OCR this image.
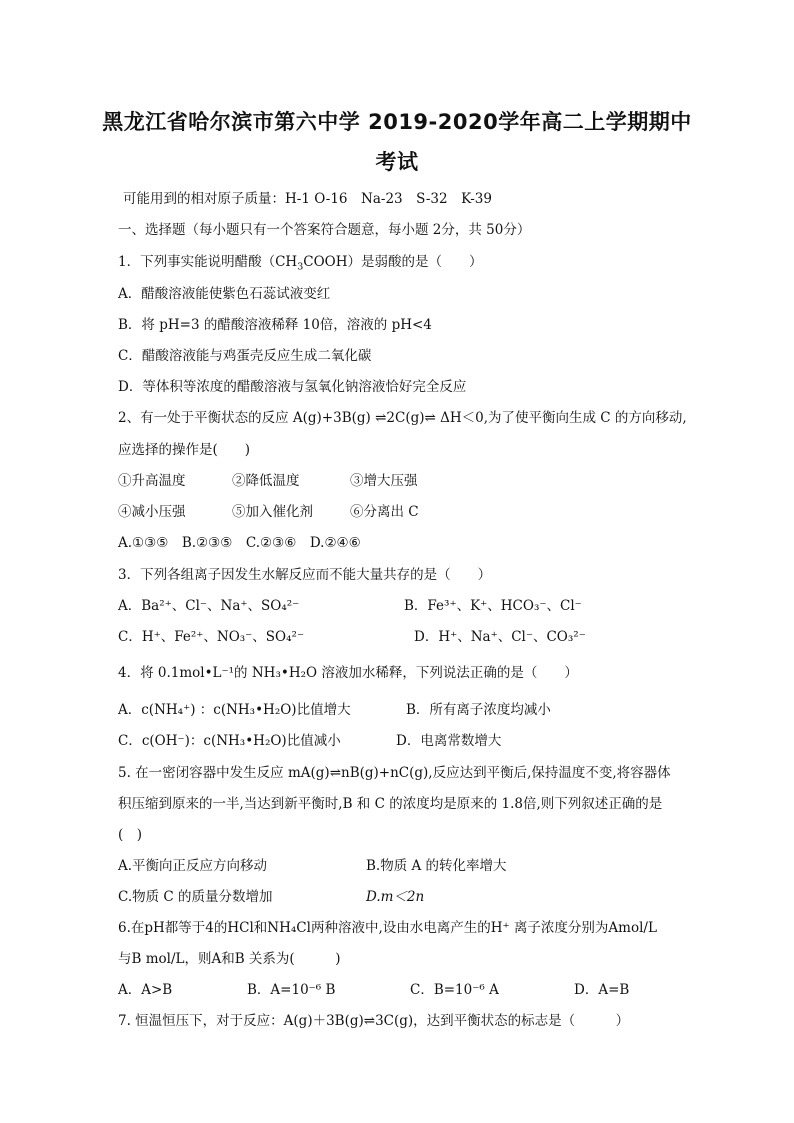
黑龙江省哈尔滨市第六中学 2019-2020学年高二上学期期中
考试
可能用到的相对原子质量：H-1 O-16　Na-23　S-32　K-39
一、选择题（每小题只有一个答案符合题意，每小题 2分，共 50分）
1．下列事实能说明醋酸$(CH_3COOH)$是弱酸的是（　　）
A．醋酸溶液能使紫色石蕊试液变红
B．将 pH=3 的醋酸溶液稀释 10倍，溶液的 pH<4
C．醋酸溶液能与鸡蛋壳反应生成二氧化碳
D．等体积等浓度的醋酸溶液与氢氧化钠溶液恰好完全反应
2、有一处于平衡状态的反应 A(g)+3B(g) ⇌2C(g)⇌ ΔH＜0,为了使平衡向生成 C 的方向移动,
应选择的操作是(　　)
①升高温度	②降低温度	③增大压强
④减小压强	⑤加入催化剂	⑥分离出 C
A.①③⑤　B.②③⑤　C.②③⑥　D.②④⑥
3．下列各组离子因发生水解反应而不能大量共存的是（　　）
A．Ba²⁺、Cl⁻、Na⁺、SO₄²⁻	B．Fe³⁺、K⁺、HCO₃⁻、Cl⁻
C．H⁺、Fe²⁺、NO₃⁻、SO₄²⁻	D．H⁺、Na⁺、Cl⁻、CO₃²⁻
4．将 0.1mol•L⁻¹的 NH₃•H₂O 溶液加水稀释，下列说法正确的是（　　）
A．c(NH₄⁺) ：c(NH₃•H₂O)比值增大	B．所有离子浓度均减小
C．c(OH⁻)：c(NH₃•H₂O)比值减小	D．电离常数增大
5. 在一密闭容器中发生反应 mA(g)⇌nB(g)+nC(g),反应达到平衡后,保持温度不变,将容器体
积压缩到原来的一半,当达到新平衡时,B 和 C 的浓度均是原来的 1.8倍,则下列叙述正确的是
(　)
A.平衡向正反应方向移动	B.物质 A 的转化率增大
C.物质 C 的质量分数增加	D.m＜2n
6.在pH都等于4的HCl和NH₄Cl两种溶液中,设由水电离产生的H⁺ 离子浓度分别为Amol/L
与B mol/L，则A和B 关系为(　　　)
A．A>B	B．A=10⁻⁶ B	C．B=10⁻⁶ A	D．A=B
7. 恒温恒压下，对于反应：A(g)＋3B(g)⇌3C(g)，达到平衡状态的标志是（　　　）
